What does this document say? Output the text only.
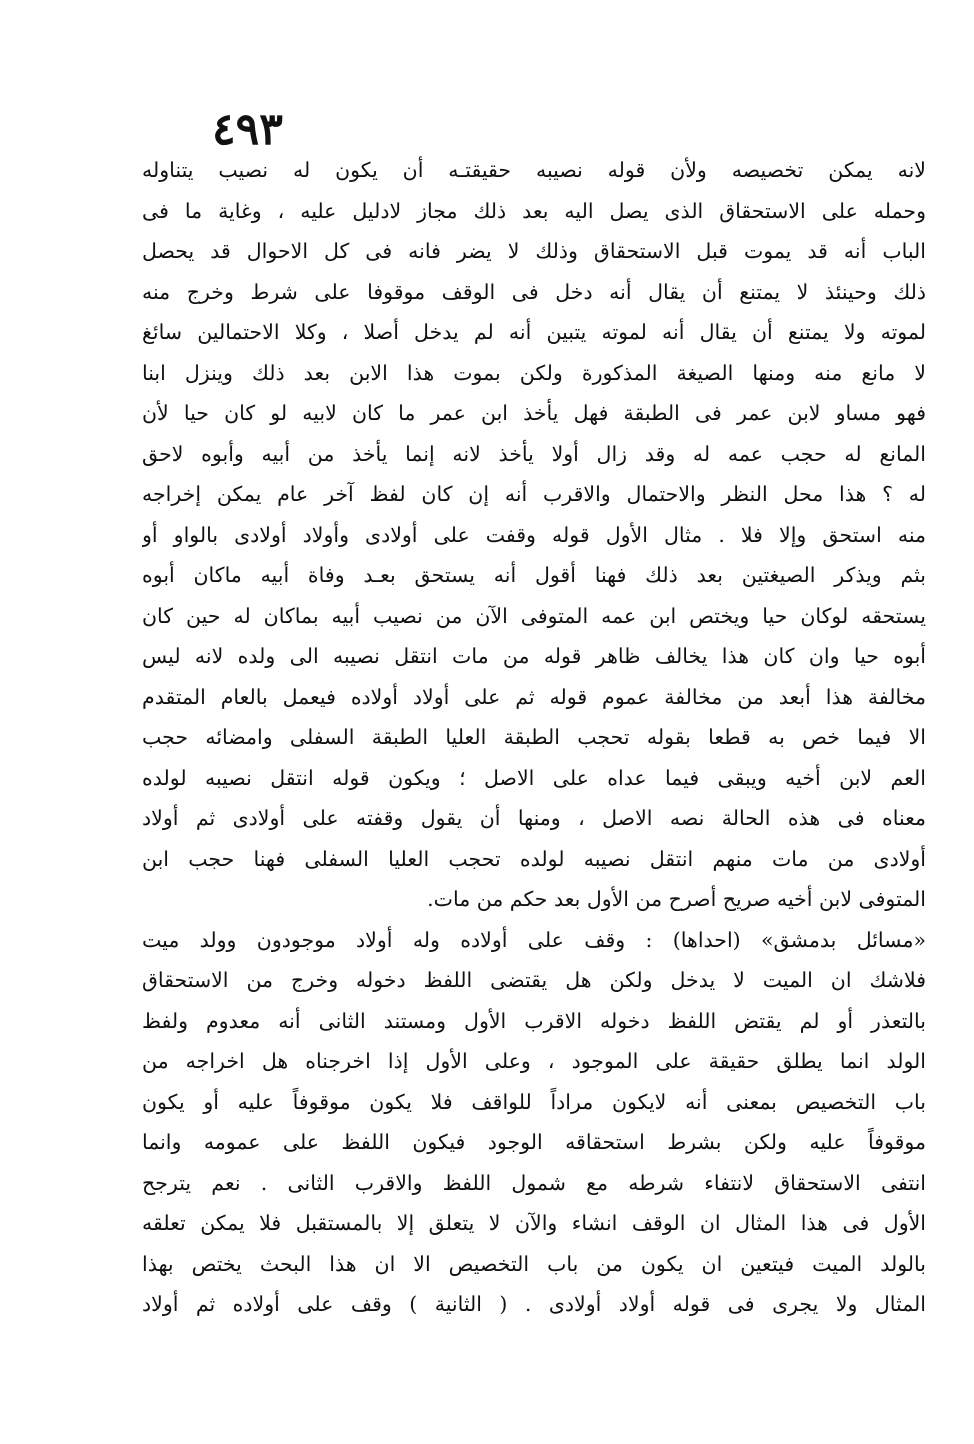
٤٩٣
لانه يمكن تخصيصه ولأن قوله نصيبه حقيقتـه أن يكون له نصيب يتناوله
وحمله على الاستحقاق الذى يصل اليه بعد ذلك مجاز لادليل عليه ، وغاية ما فى
الباب أنه قد يموت قبل الاستحقاق وذلك لا يضر فانه فى كل الاحوال قد يحصل
ذلك وحينئذ لا يمتنع أن يقال أنه دخل فى الوقف موقوفا على شرط وخرج منه
لموته ولا يمتنع أن يقال أنه لموته يتبين أنه لم يدخل أصلا ، وكلا الاحتمالين سائغ
لا مانع منه ومنها الصيغة المذكورة ولكن بموت هذا الابن بعد ذلك وينزل ابنا
فهو مساو لابن عمر فى الطبقة فهل يأخذ ابن عمر ما كان لابيه لو كان حيا لأن
المانع له حجب عمه له وقد زال أولا يأخذ لانه إنما يأخذ من أبيه وأبوه لاحق
له ؟ هذا محل النظر والاحتمال والاقرب أنه إن كان لفظ آخر عام يمكن إخراجه
منه استحق وإلا فلا . مثال الأول قوله وقفت على أولادى وأولاد أولادى بالواو أو
بثم ويذكر الصيغتين بعد ذلك فهنا أقول أنه يستحق بعـد وفاة أبيه ماكان أبوه
يستحقه لوكان حيا ويختص ابن عمه المتوفى الآن من نصيب أبيه بماكان له حين كان
أبوه حيا وان كان هذا يخالف ظاهر قوله من مات انتقل نصيبه الى ولده لانه ليس
مخالفة هذا أبعد من مخالفة عموم قوله ثم على أولاد أولاده فيعمل بالعام المتقدم
الا فيما خص به قطعا بقوله تحجب الطبقة العليا الطبقة السفلى وامضائه حجب
العم لابن أخيه ويبقى فيما عداه على الاصل ؛ ويكون قوله انتقل نصيبه لولده
معناه فى هذه الحالة نصه الاصل ، ومنها أن يقول وقفته على أولادى ثم أولاد
أولادى من مات منهم انتقل نصيبه لولده تحجب العليا السفلى فهنا حجب ابن
المتوفى لابن أخيه صريح أصرح من الأول بعد حكم من مات.
«مسائل بدمشق» (احداها) : وقف على أولاده وله أولاد موجودون وولد ميت
فلاشك ان الميت لا يدخل ولكن هل يقتضى اللفظ دخوله وخرج من الاستحقاق
بالتعذر أو لم يقتض اللفظ دخوله الاقرب الأول ومستند الثانى أنه معدوم ولفظ
الولد انما يطلق حقيقة على الموجود ، وعلى الأول إذا اخرجناه هل اخراجه من
باب التخصيص بمعنى أنه لايكون مراداً للواقف فلا يكون موقوفاً عليه أو يكون
موقوفاً عليه ولكن بشرط استحقاقه الوجود فيكون اللفظ على عمومه وانما
انتفى الاستحقاق لانتفاء شرطه مع شمول اللفظ والاقرب الثانى . نعم يترجح
الأول فى هذا المثال ان الوقف انشاء والآن لا يتعلق إلا بالمستقبل فلا يمكن تعلقه
بالولد الميت فيتعين ان يكون من باب التخصيص الا ان هذا البحث يختص بهذا
المثال ولا يجرى فى قوله أولاد أولادى . ( الثانية ) وقف على أولاده ثم أولاد
